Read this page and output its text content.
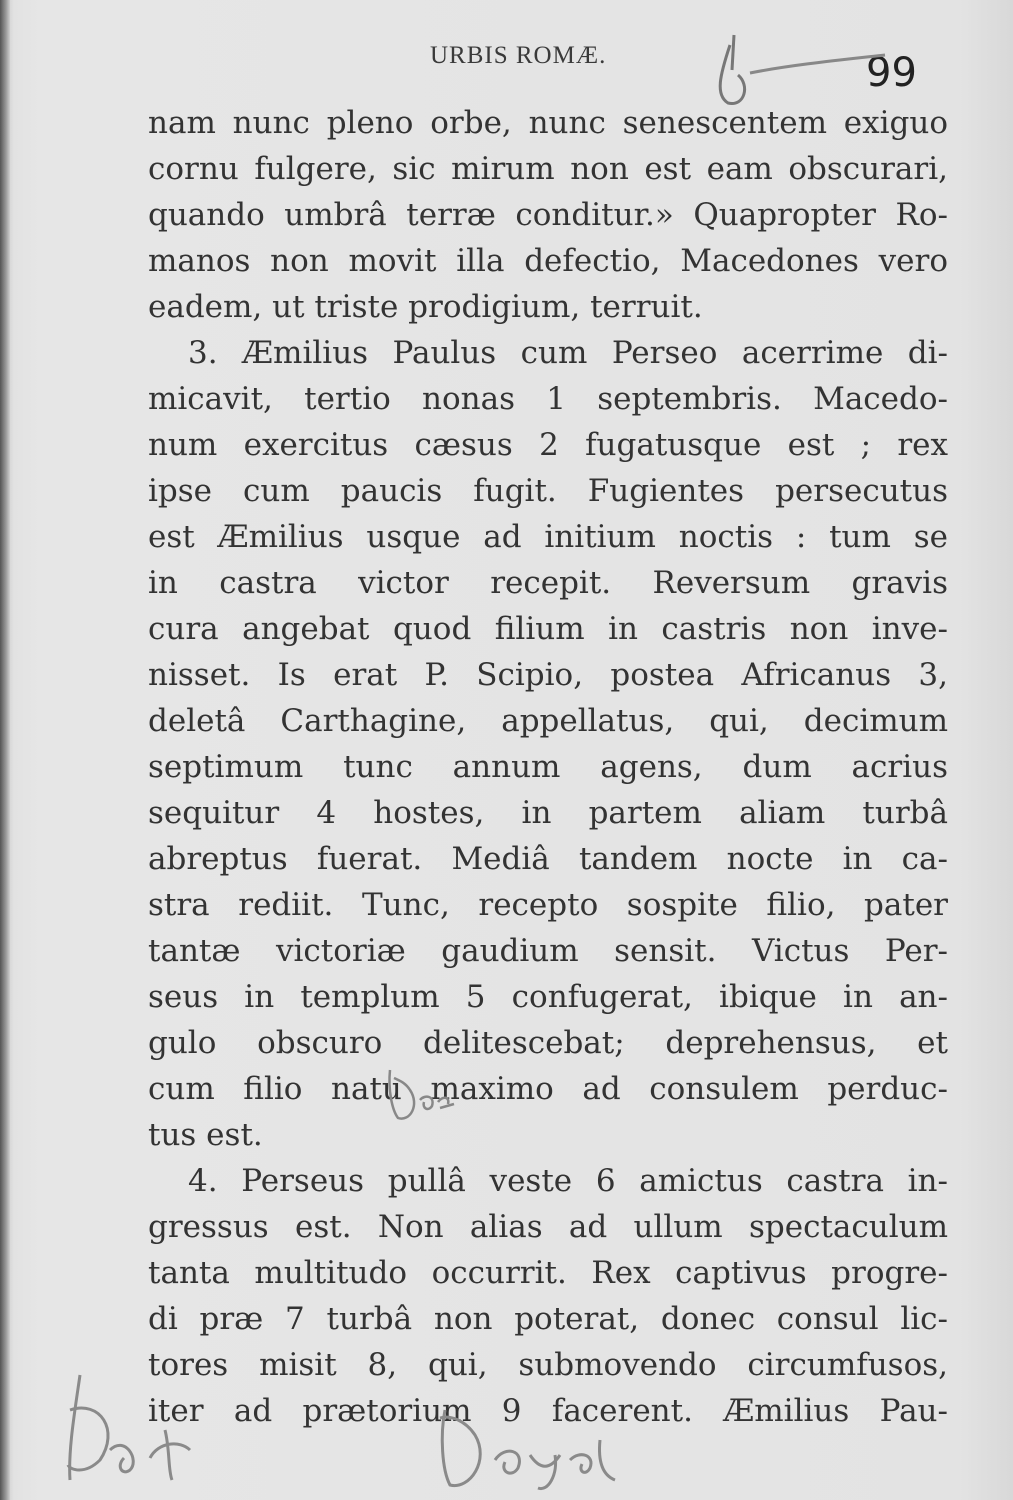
URBIS ROMÆ.	99
nam nunc pleno orbe, nunc senescentem exiguo
cornu fulgere, sic mirum non est eam obscurari,
quando umbrâ terræ conditur.» Quapropter Ro-
manos non movit illa defectio, Macedones vero
eadem, ut triste prodigium, terruit.
3. Æmilius Paulus cum Perseo acerrime di-
micavit, tertio nonas 1 septembris. Macedo-
num exercitus cæsus 2 fugatusque est ; rex
ipse cum paucis fugit. Fugientes persecutus
est Æmilius usque ad initium noctis : tum se
in castra victor recepit. Reversum gravis
cura angebat quod filium in castris non inve-
nisset. Is erat P. Scipio, postea Africanus 3,
deletâ Carthagine, appellatus, qui, decimum
septimum tunc annum agens, dum acrius
sequitur 4 hostes, in partem aliam turbâ
abreptus fuerat. Mediâ tandem nocte in ca-
stra rediit. Tunc, recepto sospite filio, pater
tantæ victoriæ gaudium sensit. Victus Per-
seus in templum 5 confugerat, ibique in an-
gulo obscuro delitescebat; deprehensus, et
cum filio natu maximo ad consulem perduc-
tus est.
4. Perseus pullâ veste 6 amictus castra in-
gressus est. Non alias ad ullum spectaculum
tanta multitudo occurrit. Rex captivus progre-
di præ 7 turbâ non poterat, donec consul lic-
tores misit 8, qui, submovendo circumfusos,
iter ad prætorium 9 facerent. Æmilius Pau-
